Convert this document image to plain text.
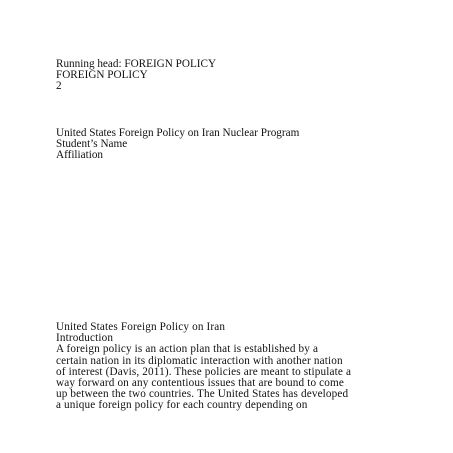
Running head: FOREIGN POLICY
FOREIGN POLICY
2
United States Foreign Policy on Iran Nuclear Program
Student’s Name
Affiliation
United States Foreign Policy on Iran
Introduction
A foreign policy is an action plan that is established by a
certain nation in its diplomatic interaction with another nation
of interest (Davis, 2011). These policies are meant to stipulate a
way forward on any contentious issues that are bound to come
up between the two countries. The United States has developed
a unique foreign policy for each country depending on
